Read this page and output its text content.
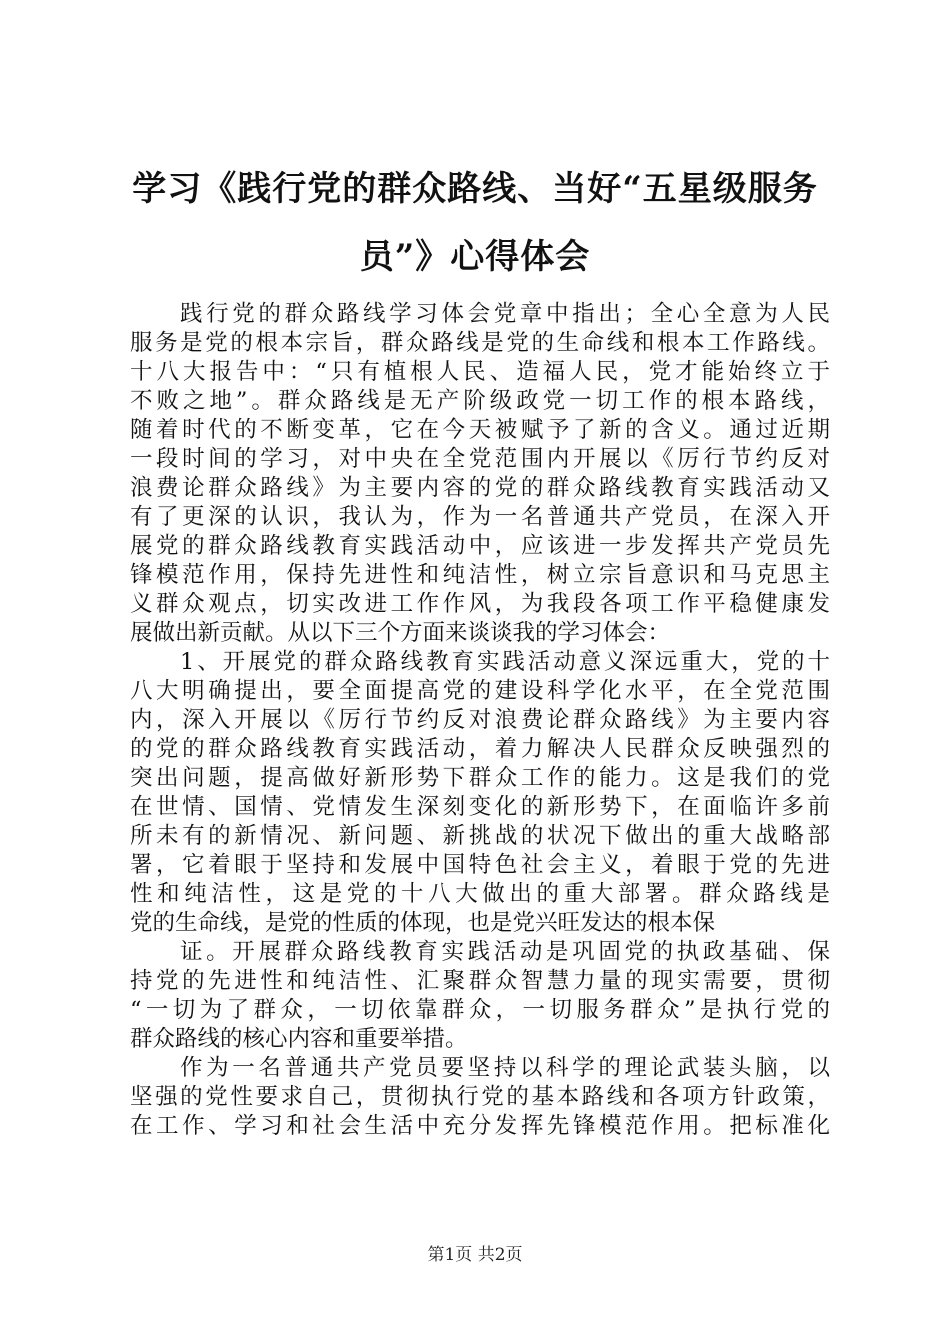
学习《践行党的群众路线、当好“五星级服务
员”》心得体会
践行党的群众路线学习体会党章中指出；全心全意为人民
服务是党的根本宗旨，群众路线是党的生命线和根本工作路线。
十八大报告中：“只有植根人民、造福人民，党才能始终立于
不败之地”。群众路线是无产阶级政党一切工作的根本路线，
随着时代的不断变革，它在今天被赋予了新的含义。通过近期
一段时间的学习，对中央在全党范围内开展以《厉行节约反对
浪费论群众路线》为主要内容的党的群众路线教育实践活动又
有了更深的认识，我认为，作为一名普通共产党员，在深入开
展党的群众路线教育实践活动中，应该进一步发挥共产党员先
锋模范作用，保持先进性和纯洁性，树立宗旨意识和马克思主
义群众观点，切实改进工作作风，为我段各项工作平稳健康发
展做出新贡献。从以下三个方面来谈谈我的学习体会：
1、开展党的群众路线教育实践活动意义深远重大，党的十
八大明确提出，要全面提高党的建设科学化水平，在全党范围
内，深入开展以《厉行节约反对浪费论群众路线》为主要内容
的党的群众路线教育实践活动，着力解决人民群众反映强烈的
突出问题，提高做好新形势下群众工作的能力。这是我们的党
在世情、国情、党情发生深刻变化的新形势下，在面临许多前
所未有的新情况、新问题、新挑战的状况下做出的重大战略部
署，它着眼于坚持和发展中国特色社会主义，着眼于党的先进
性和纯洁性，这是党的十八大做出的重大部署。群众路线是
党的生命线，是党的性质的体现，也是党兴旺发达的根本保
证。开展群众路线教育实践活动是巩固党的执政基础、保
持党的先进性和纯洁性、汇聚群众智慧力量的现实需要，贯彻
“一切为了群众，一切依靠群众，一切服务群众”是执行党的
群众路线的核心内容和重要举措。
作为一名普通共产党员要坚持以科学的理论武装头脑，以
坚强的党性要求自己，贯彻执行党的基本路线和各项方针政策，
在工作、学习和社会生活中充分发挥先锋模范作用。把标准化
第1页 共2页
